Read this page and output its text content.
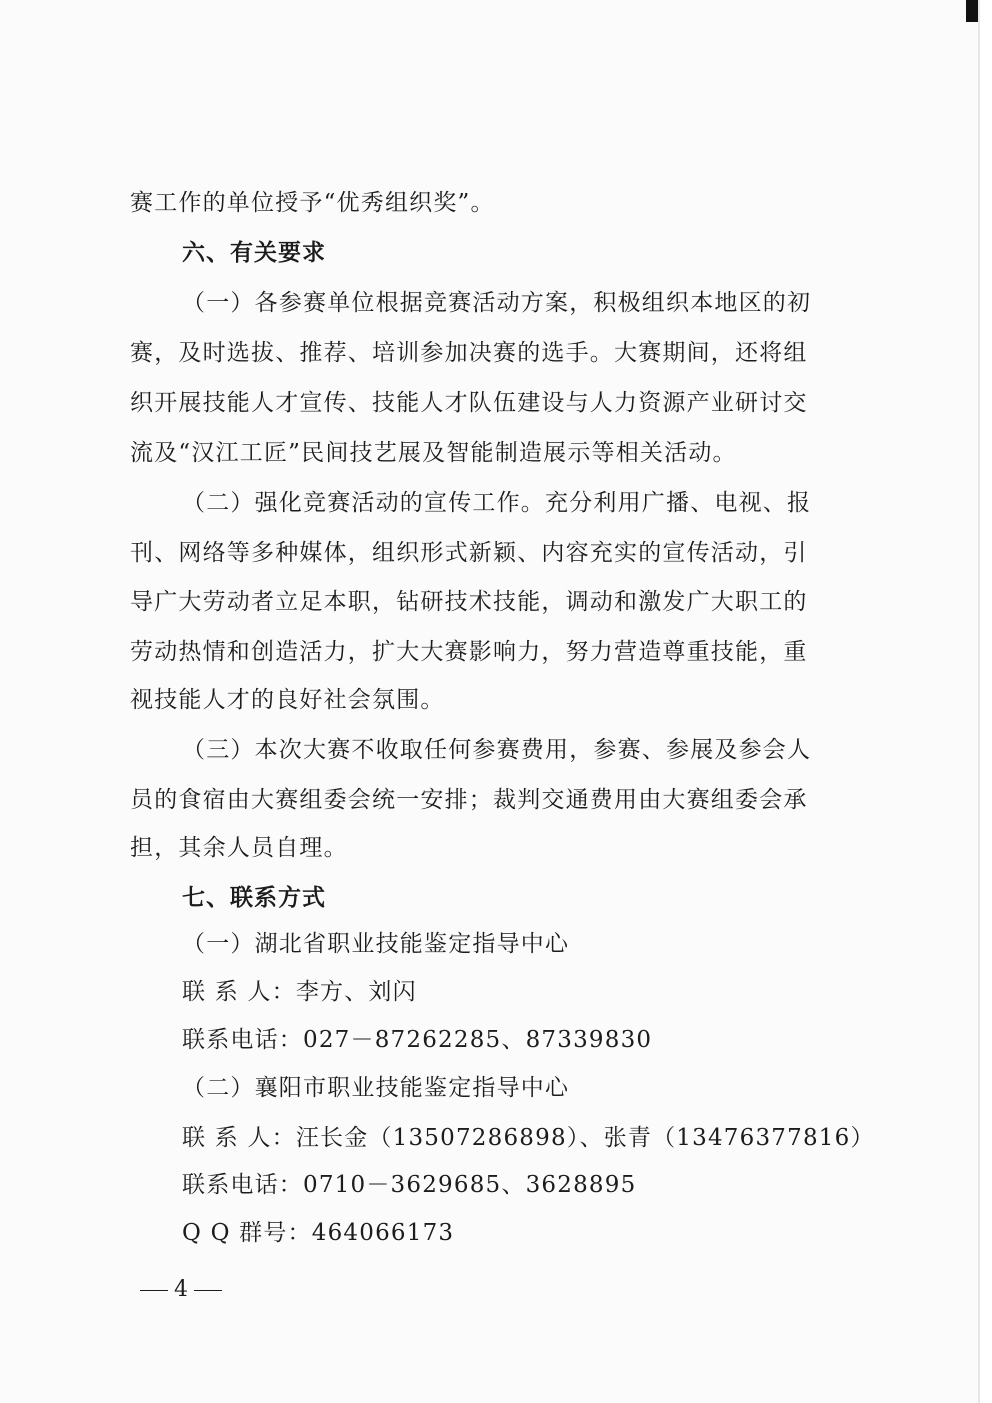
赛工作的单位授予“优秀组织奖”。
六、有关要求
（一）各参赛单位根据竞赛活动方案，积极组织本地区的初
赛，及时选拔、推荐、培训参加决赛的选手。大赛期间，还将组
织开展技能人才宣传、技能人才队伍建设与人力资源产业研讨交
流及“汉江工匠”民间技艺展及智能制造展示等相关活动。
（二）强化竞赛活动的宣传工作。充分利用广播、电视、报
刊、网络等多种媒体，组织形式新颖、内容充实的宣传活动，引
导广大劳动者立足本职，钻研技术技能，调动和激发广大职工的
劳动热情和创造活力，扩大大赛影响力，努力营造尊重技能，重
视技能人才的良好社会氛围。
（三）本次大赛不收取任何参赛费用，参赛、参展及参会人
员的食宿由大赛组委会统一安排；裁判交通费用由大赛组委会承
担，其余人员自理。
七、联系方式
（一）湖北省职业技能鉴定指导中心
联 系 人：李方、刘闪
联系电话：027－87262285、87339830
（二）襄阳市职业技能鉴定指导中心
联 系 人：汪长金（13507286898）、张青（13476377816）
联系电话：0710－3629685、3628895
Q Q 群号：464066173
4
